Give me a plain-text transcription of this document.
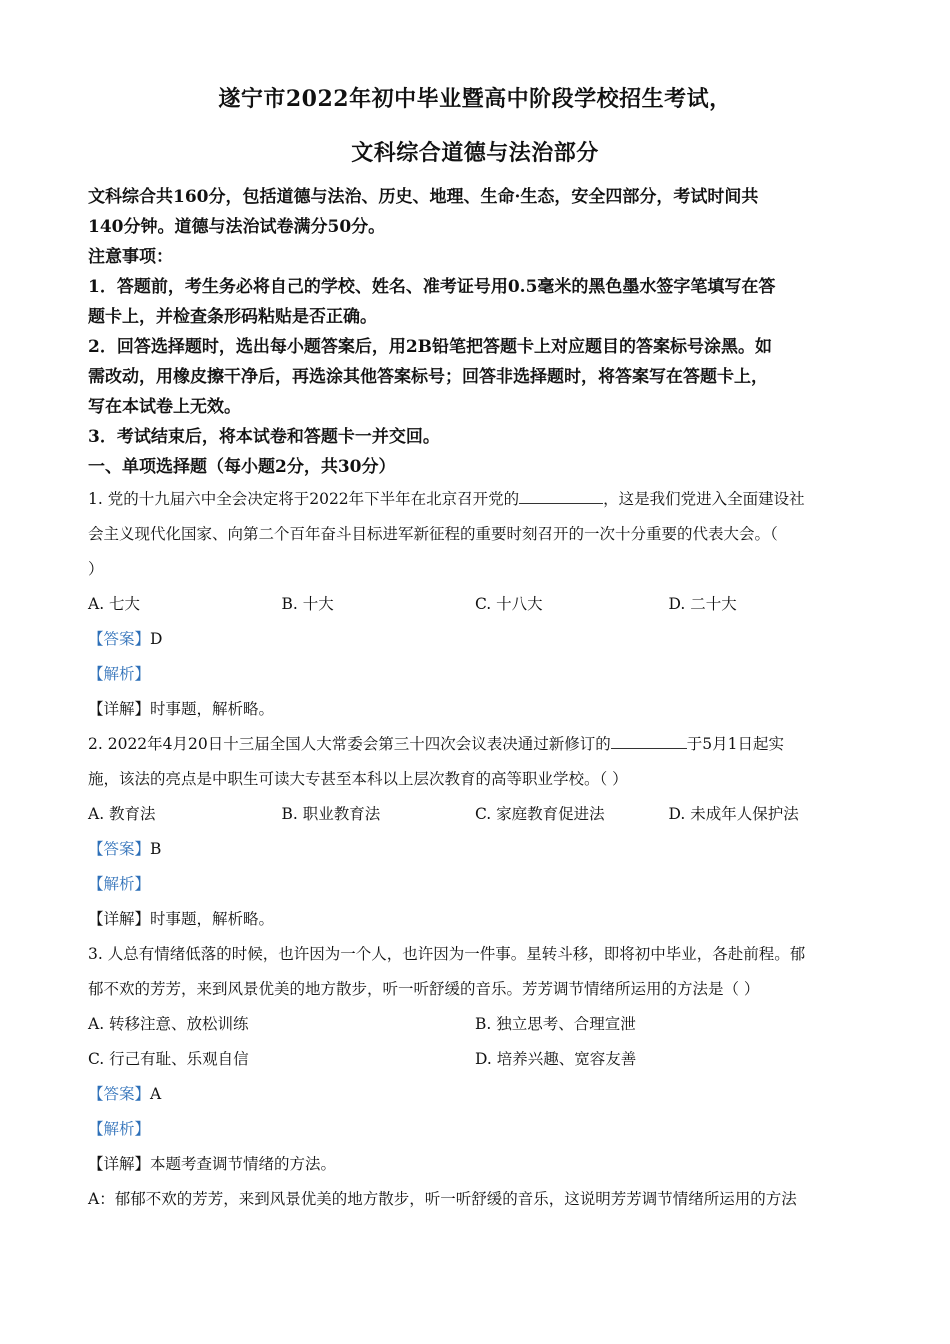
遂宁市2022年初中毕业暨高中阶段学校招生考试，
文科综合道德与法治部分

文科综合共160分，包括道德与法治、历史、地理、生命·生态，安全四部分，考试时间共

140分钟。道德与法治试卷满分50分。

注意事项：

1．答题前，考生务必将自己的学校、姓名、准考证号用0.5毫米的黑色墨水签字笔填写在答

题卡上，并检查条形码粘贴是否正确。

2．回答选择题时，选出每小题答案后，用2B铅笔把答题卡上对应题目的答案标号涂黑。如

需改动，用橡皮擦干净后，再选涂其他答案标号；回答非选择题时，将答案写在答题卡上，

写在本试卷上无效。

3．考试结束后，将本试卷和答题卡一并交回。

一、单项选择题（每小题2分，共30分）

1. 党的十九届六中全会决定将于2022年下半年在北京召开党的	，这是我们党进入全面建设社

会主义现代化国家、向第二个百年奋斗目标进军新征程的重要时刻召开的一次十分重要的代表大会。（

）

A. 七大	B. 十大	C. 十八大	D. 二十大

【答案】D

【解析】

【详解】时事题，解析略。

2. 2022年4月20日十三届全国人大常委会第三十四次会议表决通过新修订的	于5月1日起实

施，该法的亮点是中职生可读大专甚至本科以上层次教育的高等职业学校。（ ）

A. 教育法	B. 职业教育法	C. 家庭教育促进法	D. 未成年人保护法

【答案】B

【解析】

【详解】时事题，解析略。

3. 人总有情绪低落的时候，也许因为一个人，也许因为一件事。星转斗移，即将初中毕业，各赴前程。郁

郁不欢的芳芳，来到风景优美的地方散步，听一听舒缓的音乐。芳芳调节情绪所运用的方法是（ ）

A. 转移注意、放松训练	B. 独立思考、合理宣泄
C. 行己有耻、乐观自信	D. 培养兴趣、宽容友善

【答案】A

【解析】

【详解】本题考查调节情绪的方法。

A：郁郁不欢的芳芳，来到风景优美的地方散步，听一听舒缓的音乐，这说明芳芳调节情绪所运用的方法
